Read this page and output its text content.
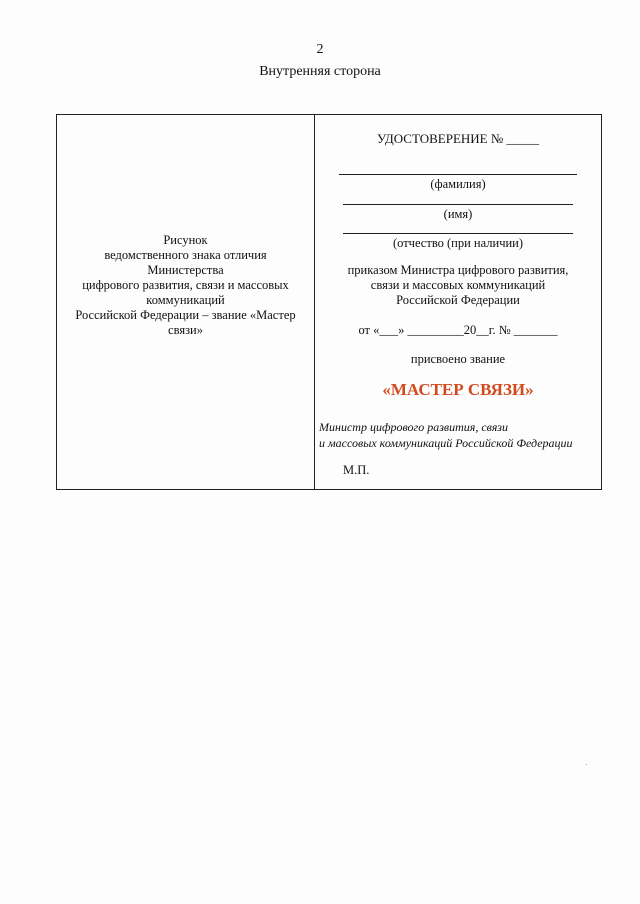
2
Внутренняя сторона
Рисунок
ведомственного знака отличия
Министерства
цифрового развития, связи и массовых
коммуникаций
Российской Федерации – звание «Мастер
связи»
УДОСТОВЕРЕНИЕ № _____
(фамилия)
(имя)
(отчество (при наличии)
приказом Министра цифрового развития,
связи и массовых коммуникаций
Российской Федерации
от «___» _________20__г. № _______
присвоено звание
«МАСТЕР СВЯЗИ»
Министр цифрового развития, связи
и массовых коммуникаций Российской Федерации
М.П.
